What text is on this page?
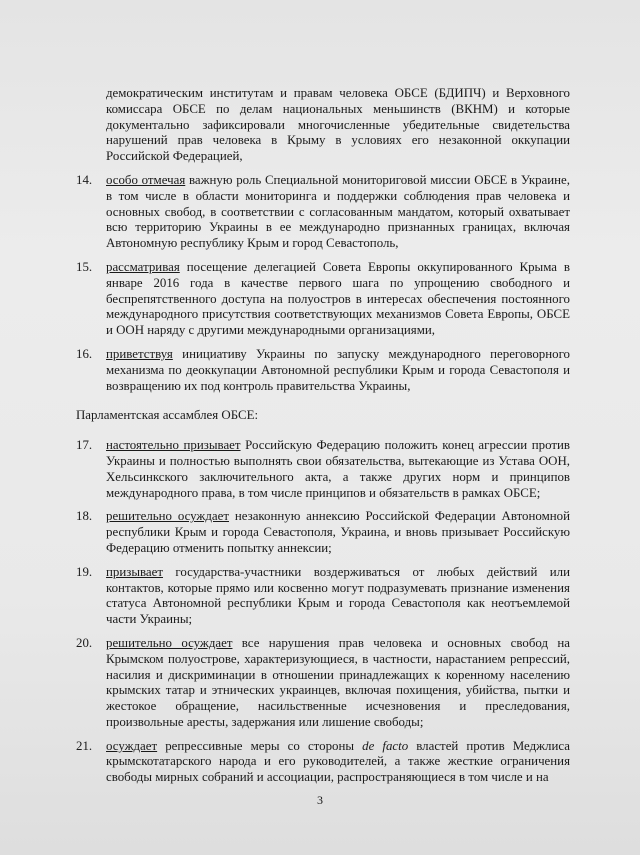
демократическим институтам и правам человека ОБСЕ (БДИПЧ) и Верховного
комиссара ОБСЕ по делам национальных меньшинств (ВКНМ) и которые
документально зафиксировали многочисленные убедительные свидетельства
нарушений прав человека в Крыму в условиях его незаконной оккупации
Российской Федерацией,
14.	особо отмечая важную роль Специальной мониториговой миссии ОБСЕ в Украине, в том числе в области мониторинга и поддержки соблюдения прав человека и основных свобод, в соответствии с согласованным мандатом, который охватывает всю территорию Украины в ее международно признанных границах, включая Автономную республику Крым и город Севастополь,
15.	рассматривая посещение делегацией Совета Европы оккупированного Крыма в январе 2016 года в качестве первого шага по упрощению свободного и беспрепятственного доступа на полуостров в интересах обеспечения постоянного международного присутствия соответствующих механизмов Совета Европы, ОБСЕ и ООН наряду с другими международными организациями,
16.	приветствуя инициативу Украины по запуску международного переговорного механизма по деоккупации Автономной республики Крым и города Севастополя и возвращению их под контроль правительства Украины,
Парламентская ассамблея ОБСЕ:
17.	настоятельно призывает Российскую Федерацию положить конец агрессии против Украины и полностью выполнять свои обязательства, вытекающие из Устава ООН, Хельсинкского заключительного акта, а также других норм и принципов международного права, в том числе принципов и обязательств в рамках ОБСЕ;
18.	решительно осуждает незаконную аннексию Российской Федерации Автономной республики Крым и города Севастополя, Украина, и вновь призывает Российскую Федерацию отменить попытку аннексии;
19.	призывает государства-участники воздерживаться от любых действий или контактов, которые прямо или косвенно могут подразумевать признание изменения статуса Автономной республики Крым и города Севастополя как неотъемлемой части Украины;
20.	решительно осуждает все нарушения прав человека и основных свобод на Крымском полуострове, характеризующиеся, в частности, нарастанием репрессий, насилия и дискриминации в отношении принадлежащих к коренному населению крымских татар и этнических украинцев, включая похищения, убийства, пытки и жестокое обращение, насильственные исчезновения и преследования, произвольные аресты, задержания или лишение свободы;
21.	осуждает репрессивные меры со стороны de facto властей против Меджлиса крымскотатарского народа и его руководителей, а также жесткие ограничения свободы мирных собраний и ассоциации, распространяющиеся в том числе и на
3
